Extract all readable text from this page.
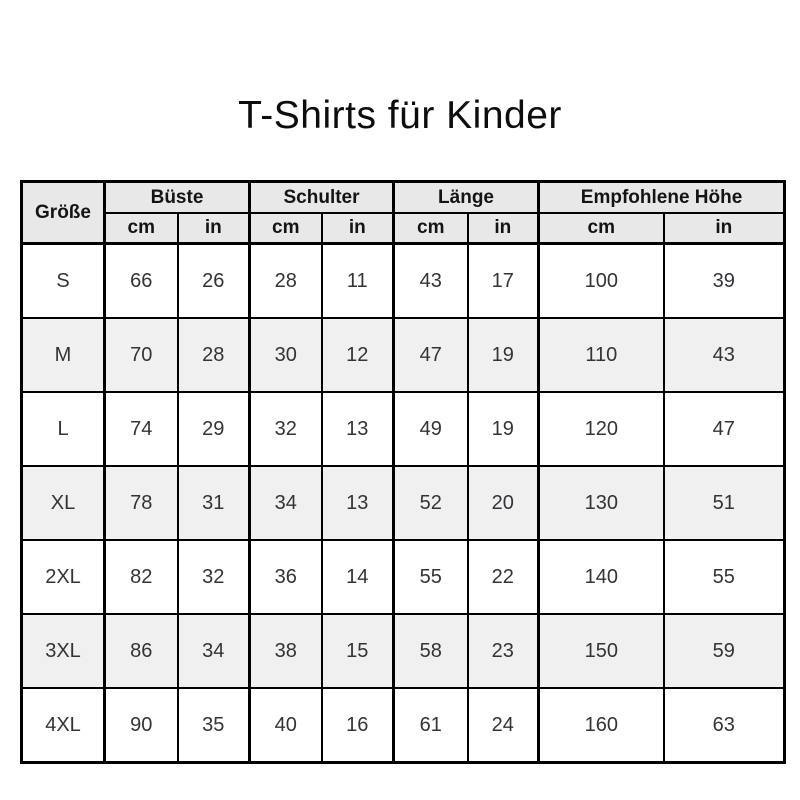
T-Shirts für Kinder
Größe	Büste		Schulter		Länge		Empfohlene Höhe	
	cm	in	cm	in	cm	in	cm	in
S	66	26	28	11	43	17	100	39
M	70	28	30	12	47	19	110	43
L	74	29	32	13	49	19	120	47
XL	78	31	34	13	52	20	130	51
2XL	82	32	36	14	55	22	140	55
3XL	86	34	38	15	58	23	150	59
4XL	90	35	40	16	61	24	160	63
